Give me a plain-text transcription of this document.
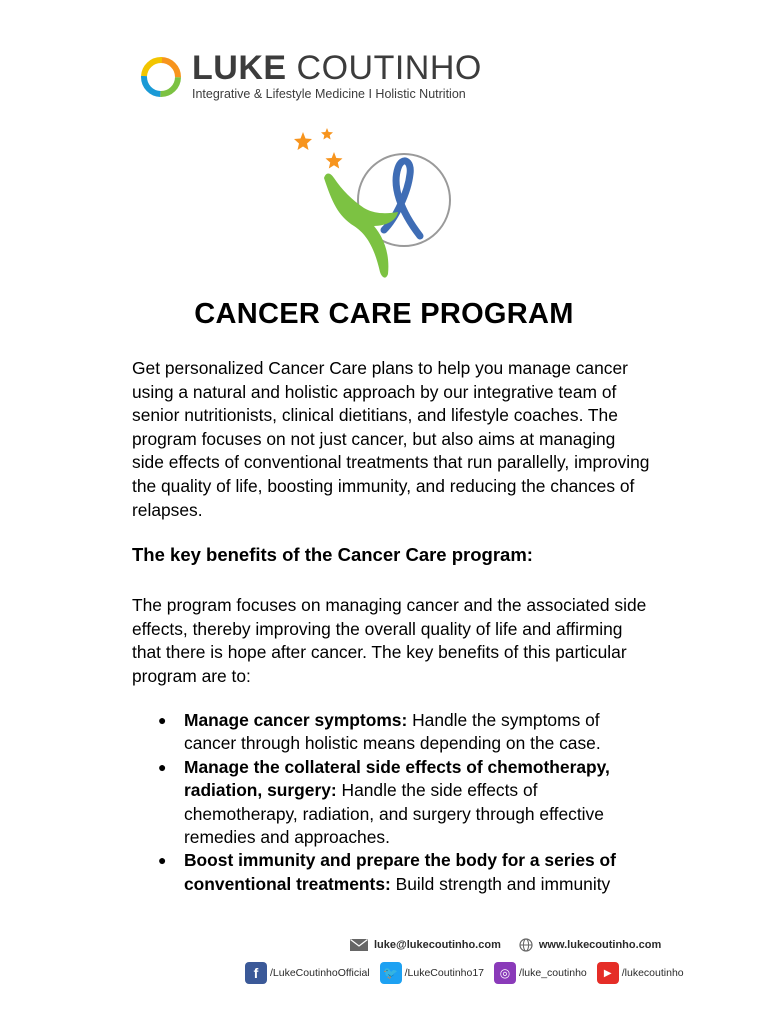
LUKE COUTINHO
Integrative & Lifestyle Medicine I Holistic Nutrition
CANCER CARE PROGRAM
Get personalized Cancer Care plans to help you manage cancer using a natural and holistic approach by our integrative team of senior nutritionists, clinical dietitians, and lifestyle coaches. The program focuses on not just cancer, but also aims at managing side effects of conventional treatments that run parallelly, improving the quality of life, boosting immunity, and reducing the chances of relapses.
The key benefits of the Cancer Care program:
The program focuses on managing cancer and the associated side effects, thereby improving the overall quality of life and affirming that there is hope after cancer. The key benefits of this particular program are to:
● Manage cancer symptoms: Handle the symptoms of cancer through holistic means depending on the case.
● Manage the collateral side effects of chemotherapy, radiation, surgery: Handle the side effects of chemotherapy, radiation, and surgery through effective remedies and approaches.
● Boost immunity and prepare the body for a series of conventional treatments: Build strength and immunity
luke@lukecoutinho.com	www.lukecoutinho.com
f	/LukeCoutinhoOfficial 🐦 /LukeCoutinho17	◎ /luke_coutinho	▶ /lukecoutinho
